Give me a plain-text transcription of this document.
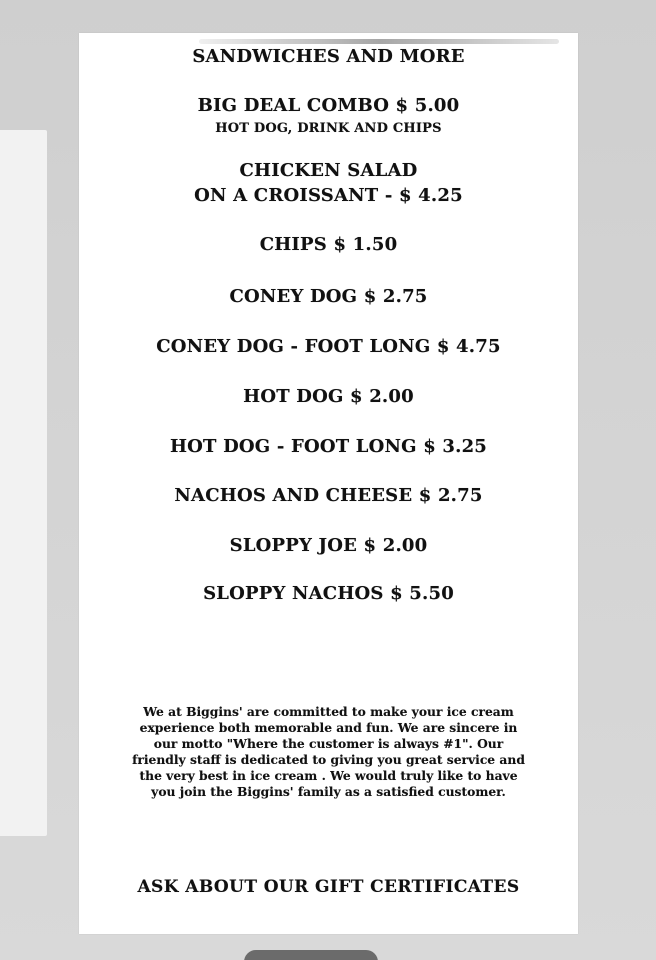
SANDWICHES AND MORE
BIG DEAL COMBO $ 5.00
HOT DOG, DRINK AND CHIPS
CHICKEN SALAD
ON A CROISSANT - $ 4.25
CHIPS $ 1.50
CONEY DOG $ 2.75
CONEY DOG - FOOT LONG $ 4.75
HOT DOG $ 2.00
HOT DOG - FOOT LONG $ 3.25
NACHOS AND CHEESE $ 2.75
SLOPPY JOE $ 2.00
SLOPPY NACHOS $ 5.50
We at Biggins' are committed to make your ice cream
experience both memorable and fun. We are sincere in
our motto "Where the customer is always #1". Our
friendly staff is dedicated to giving you great service and
the very best in ice cream . We would truly like to have
you join the Biggins' family as a satisfied customer.
ASK ABOUT OUR GIFT CERTIFICATES
